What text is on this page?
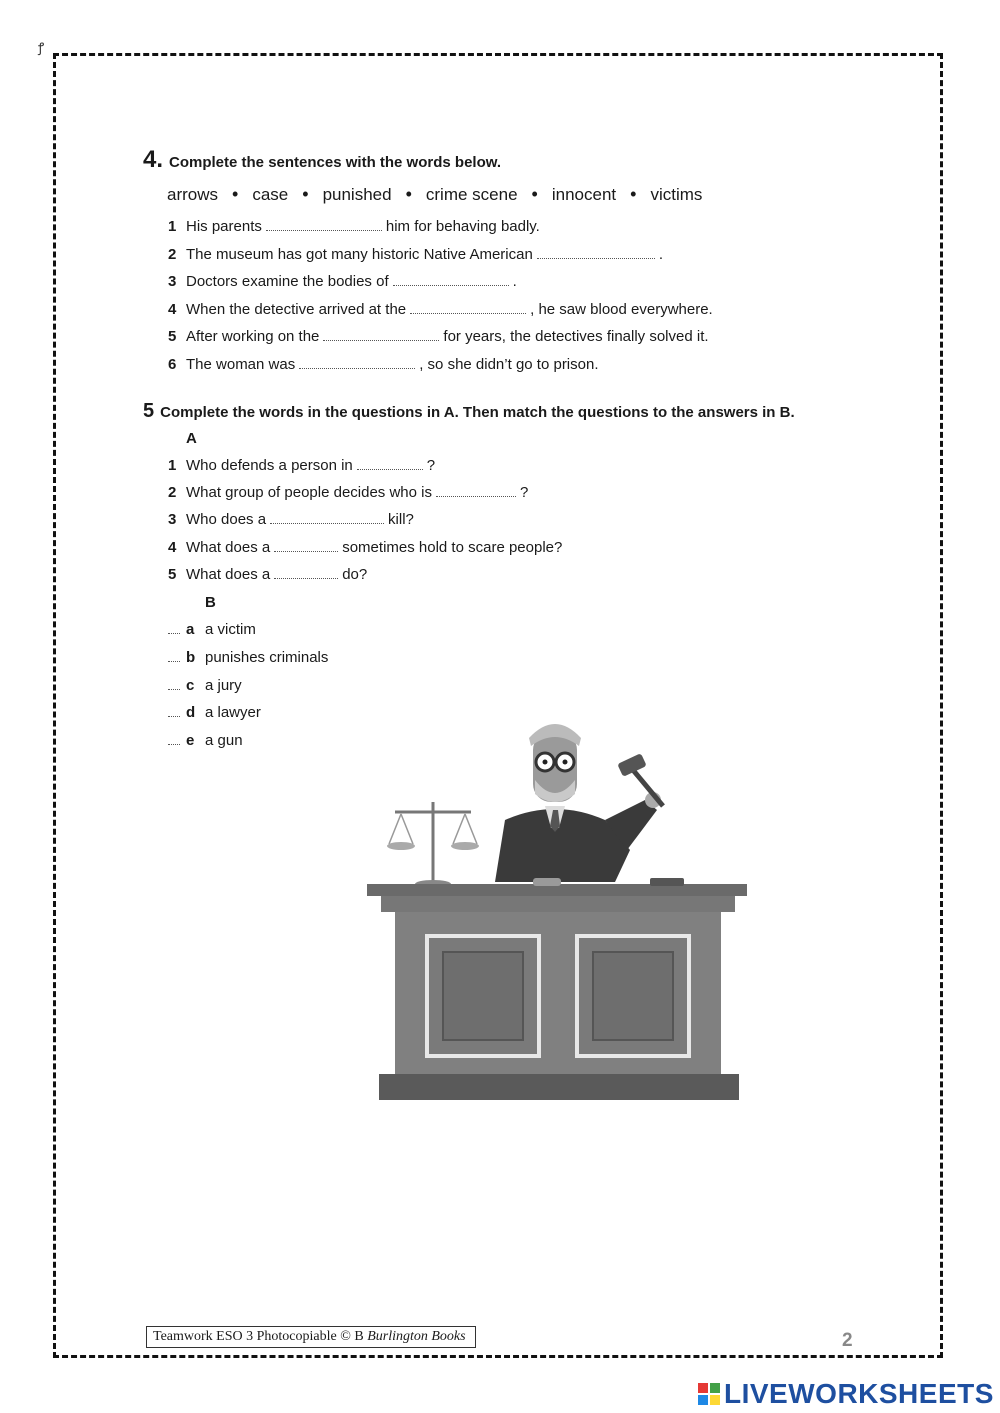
ꝭ
4. Complete the sentences with the words below.
arrows • case • punished • crime scene • innocent • victims
1 His parents	him for behaving badly.
2 The museum has got many historic Native American	.
3 Doctors examine the bodies of	.
4 When the detective arrived at the	, he saw blood everywhere.
5 After working on the	for years, the detectives finally solved it.
6 The woman was	, so she didn’t go to prison.
5 Complete the words in the questions in A. Then match the questions to the answers in B.
A
1 Who defends a person in	?
2 What group of people decides who is	?
3 Who does a	kill?
4 What does a	sometimes hold to scare people?
5 What does a	do?
B
a a victim
b punishes criminals
c a jury
d a lawyer
e a gun
Teamwork ESO 3 Photocopiable © B Burlington Books	2
LIVEWORKSHEETS
